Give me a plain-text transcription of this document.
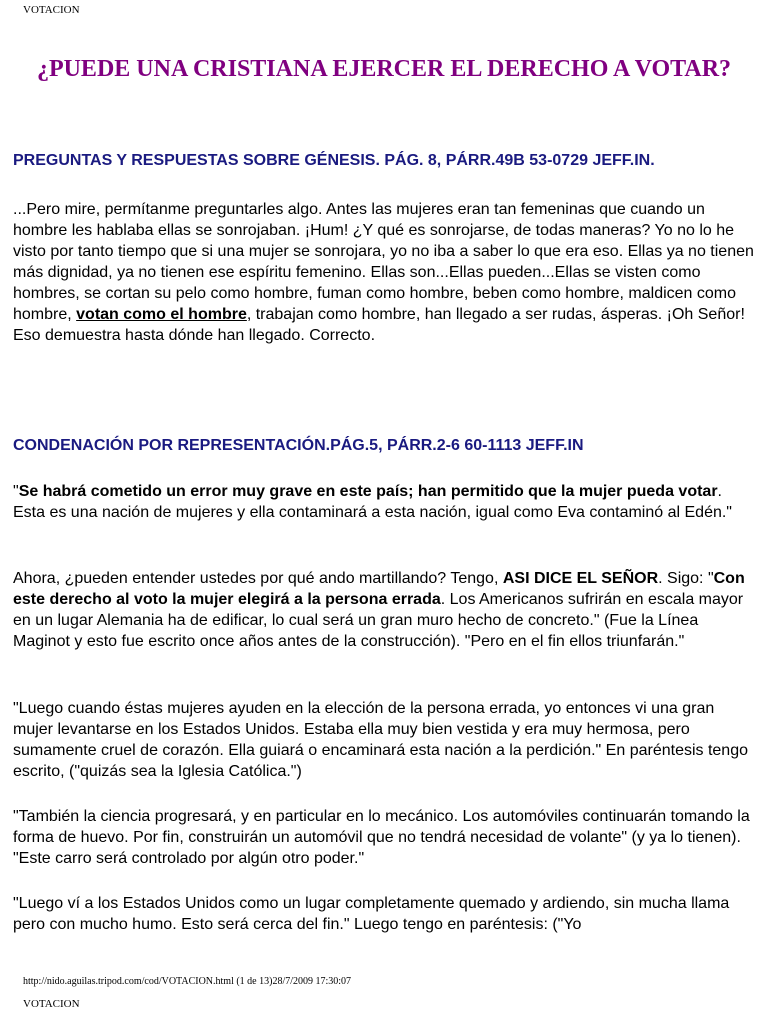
VOTACION
¿PUEDE UNA CRISTIANA EJERCER EL DERECHO A VOTAR?
PREGUNTAS Y RESPUESTAS SOBRE GÉNESIS. PÁG. 8, PÁRR.49B 53-0729 JEFF.IN.

...Pero mire, permítanme preguntarles algo. Antes las mujeres eran tan femeninas que cuando un hombre les hablaba ellas se sonrojaban. ¡Hum! ¿Y qué es sonrojarse, de todas maneras? Yo no lo he visto por tanto tiempo que si una mujer se sonrojara, yo no iba a saber lo que era eso. Ellas ya no tienen más dignidad, ya no tienen ese espíritu femenino. Ellas son...Ellas pueden...Ellas se visten como hombres, se cortan su pelo como hombre, fuman como hombre, beben como hombre, maldicen como hombre, votan como el hombre, trabajan como hombre, han llegado a ser rudas, ásperas. ¡Oh Señor! Eso demuestra hasta dónde han llegado. Correcto.

CONDENACIÓN POR REPRESENTACIÓN.PÁG.5, PÁRR.2-6 60-1113 JEFF.IN

"Se habrá cometido un error muy grave en este país; han permitido que la mujer pueda votar. Esta es una nación de mujeres y ella contaminará a esta nación, igual como Eva contaminó al Edén."

Ahora, ¿pueden entender ustedes por qué ando martillando? Tengo, ASI DICE EL SEÑOR. Sigo: "Con este derecho al voto la mujer elegirá a la persona errada. Los Americanos sufrirán en escala mayor en un lugar Alemania ha de edificar, lo cual será un gran muro hecho de concreto." (Fue la Línea Maginot y esto fue escrito once años antes de la construcción). "Pero en el fin ellos triunfarán."

"Luego cuando éstas mujeres ayuden en la elección de la persona errada, yo entonces vi una gran mujer levantarse en los Estados Unidos. Estaba ella muy bien vestida y era muy hermosa, pero sumamente cruel de corazón. Ella guiará o encaminará esta nación a la perdición." En paréntesis tengo escrito, ("quizás sea la Iglesia Católica.")

"También la ciencia progresará, y en particular en lo mecánico. Los automóviles continuarán tomando la forma de huevo. Por fin, construirán un automóvil que no tendrá necesidad de volante" (y ya lo tienen). "Este carro será controlado por algún otro poder."

"Luego ví a los Estados Unidos como un lugar completamente quemado y ardiendo, sin mucha llama pero con mucho humo. Esto será cerca del fin." Luego tengo en paréntesis: ("Yo

http://nido.aguilas.tripod.com/cod/VOTACION.html (1 de 13)28/7/2009 17:30:07
VOTACION
